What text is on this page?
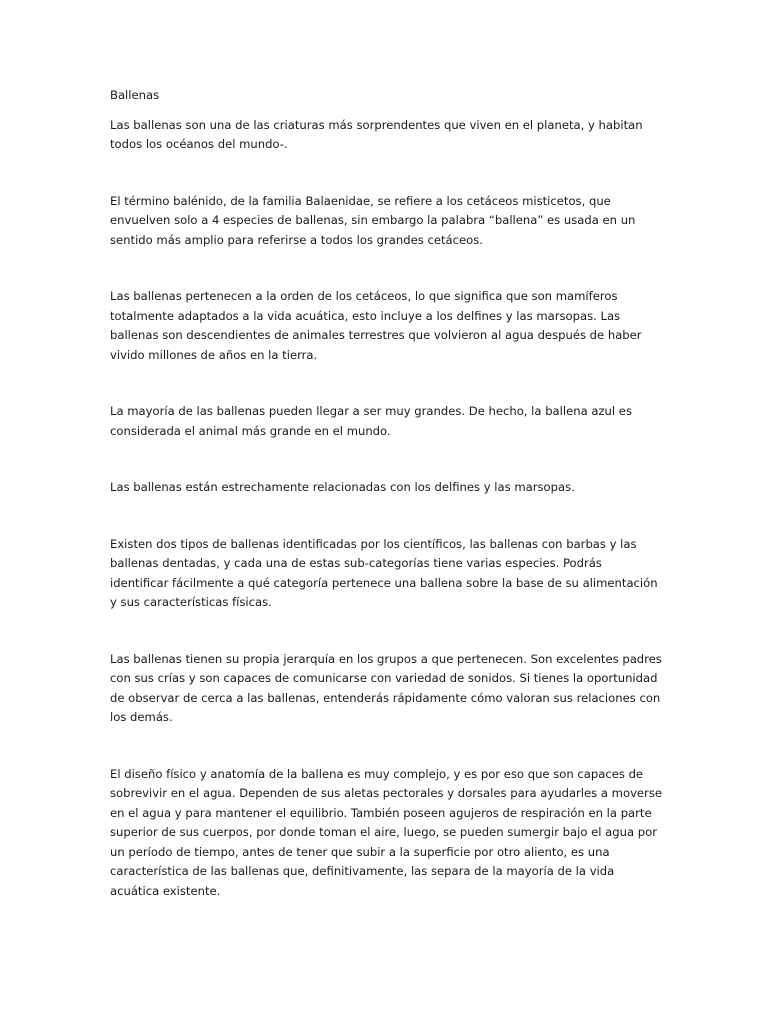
Ballenas

Las ballenas son una de las criaturas más sorprendentes que viven en el planeta, y habitan todos los océanos del mundo-.

El término balénido, de la familia Balaenidae, se refiere a los cetáceos misticetos, que envuelven solo a 4 especies de ballenas, sin embargo la palabra “ballena” es usada en un sentido más amplio para referirse a todos los grandes cetáceos.

Las ballenas pertenecen a la orden de los cetáceos, lo que significa que son mamíferos totalmente adaptados a la vida acuática, esto incluye a los delfines y las marsopas. Las ballenas son descendientes de animales terrestres que volvieron al agua después de haber vivido millones de años en la tierra.

La mayoría de las ballenas pueden llegar a ser muy grandes. De hecho, la ballena azul es considerada el animal más grande en el mundo.

Las ballenas están estrechamente relacionadas con los delfines y las marsopas.

Existen dos tipos de ballenas identificadas por los científicos, las ballenas con barbas y las ballenas dentadas, y cada una de estas sub-categorías tiene varias especies. Podrás identificar fácilmente a qué categoría pertenece una ballena sobre la base de su alimentación y sus características físicas.

Las ballenas tienen su propia jerarquía en los grupos a que pertenecen. Son excelentes padres con sus crías y son capaces de comunicarse con variedad de sonidos. Si tienes la oportunidad de observar de cerca a las ballenas, entenderás rápidamente cómo valoran sus relaciones con los demás.

El diseño físico y anatomía de la ballena es muy complejo, y es por eso que son capaces de sobrevivir en el agua. Dependen de sus aletas pectorales y dorsales para ayudarles a moverse en el agua y para mantener el equilibrio. También poseen agujeros de respiración en la parte superior de sus cuerpos, por donde toman el aire, luego, se pueden sumergir bajo el agua por un período de tiempo, antes de tener que subir a la superficie por otro aliento, es una característica de las ballenas que, definitivamente, las separa de la mayoría de la vida acuática existente.
